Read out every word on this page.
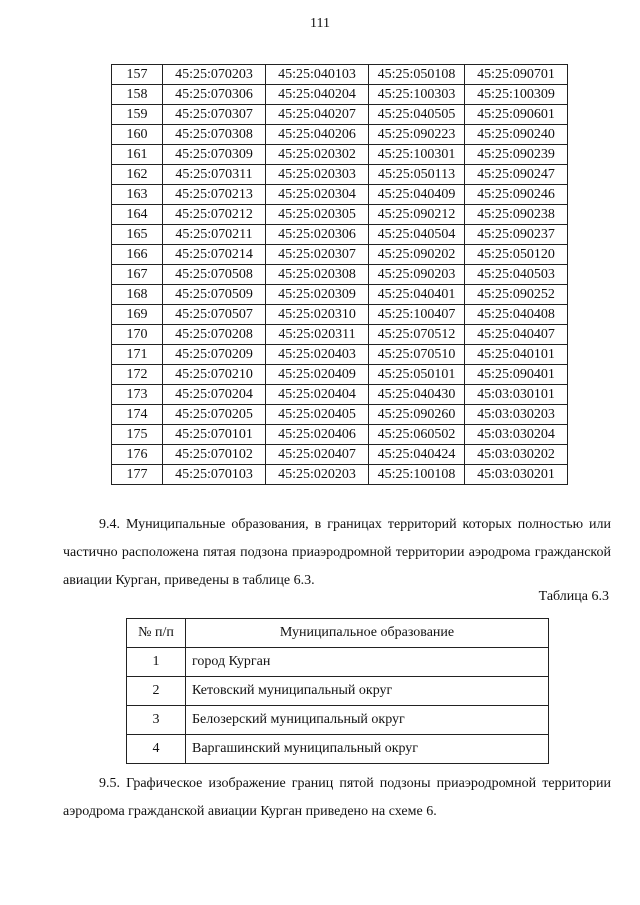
111
157	45:25:070203	45:25:040103	45:25:050108	45:25:090701
158	45:25:070306	45:25:040204	45:25:100303	45:25:100309
159	45:25:070307	45:25:040207	45:25:040505	45:25:090601
160	45:25:070308	45:25:040206	45:25:090223	45:25:090240
161	45:25:070309	45:25:020302	45:25:100301	45:25:090239
162	45:25:070311	45:25:020303	45:25:050113	45:25:090247
163	45:25:070213	45:25:020304	45:25:040409	45:25:090246
164	45:25:070212	45:25:020305	45:25:090212	45:25:090238
165	45:25:070211	45:25:020306	45:25:040504	45:25:090237
166	45:25:070214	45:25:020307	45:25:090202	45:25:050120
167	45:25:070508	45:25:020308	45:25:090203	45:25:040503
168	45:25:070509	45:25:020309	45:25:040401	45:25:090252
169	45:25:070507	45:25:020310	45:25:100407	45:25:040408
170	45:25:070208	45:25:020311	45:25:070512	45:25:040407
171	45:25:070209	45:25:020403	45:25:070510	45:25:040101
172	45:25:070210	45:25:020409	45:25:050101	45:25:090401
173	45:25:070204	45:25:020404	45:25:040430	45:03:030101
174	45:25:070205	45:25:020405	45:25:090260	45:03:030203
175	45:25:070101	45:25:020406	45:25:060502	45:03:030204
176	45:25:070102	45:25:020407	45:25:040424	45:03:030202
177	45:25:070103	45:25:020203	45:25:100108	45:03:030201
9.4. Муниципальные образования, в границах территорий которых полностью или частично расположена пятая подзона приаэродромной территории аэродрома гражданской авиации Курган, приведены в таблице 6.3.
Таблица 6.3
№ п/п	Муниципальное образование
1	город Курган
2	Кетовский муниципальный округ
3	Белозерский муниципальный округ
4	Варгашинский муниципальный округ
9.5. Графическое изображение границ пятой подзоны приаэродромной территории аэродрома гражданской авиации Курган приведено на схеме 6.
